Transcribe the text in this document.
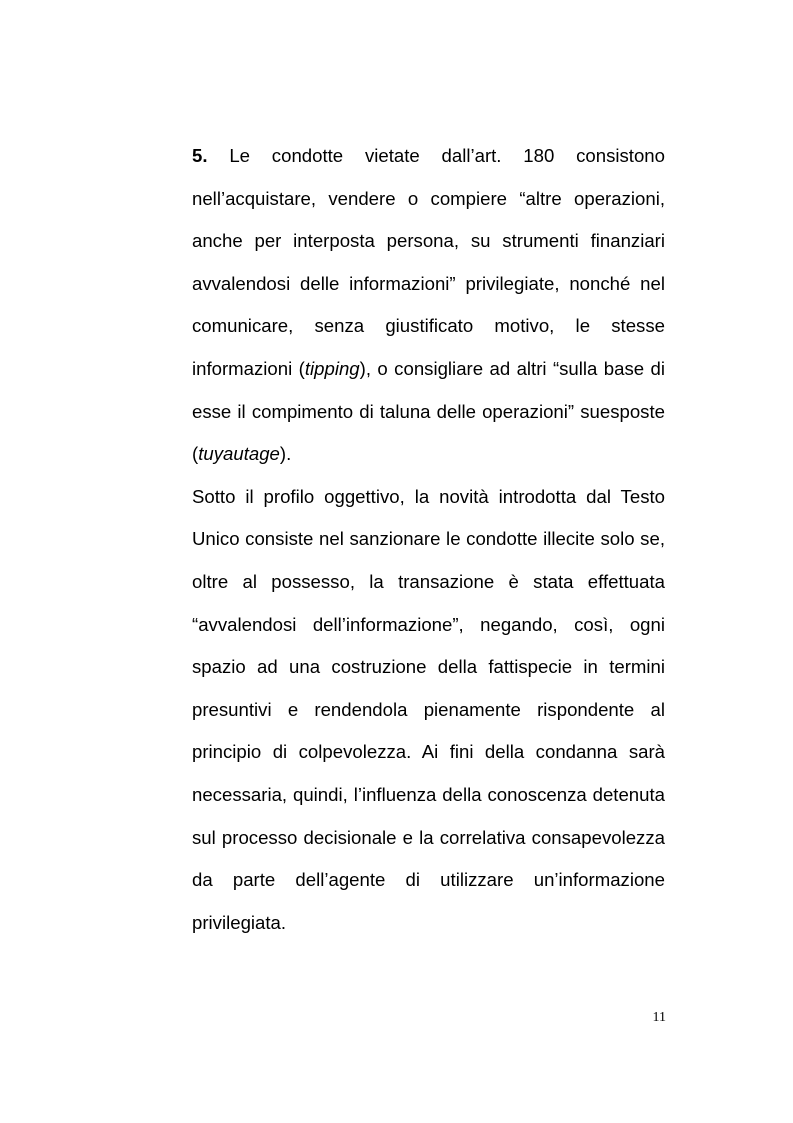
5. Le condotte vietate dall’art. 180 consistono
nell’acquistare, vendere o compiere “altre operazioni,
anche per interposta persona, su strumenti finanziari
avvalendosi delle informazioni” privilegiate, nonché nel
comunicare, senza giustificato motivo, le stesse
informazioni (tipping), o consigliare ad altri “sulla base di
esse il compimento di taluna delle operazioni” suesposte
(tuyautage).
Sotto il profilo oggettivo, la novità introdotta dal Testo
Unico consiste nel sanzionare le condotte illecite solo se,
oltre al possesso, la transazione è stata effettuata
“avvalendosi dell’informazione”, negando, così, ogni
spazio ad una costruzione della fattispecie in termini
presuntivi e rendendola pienamente rispondente al
principio di colpevolezza. Ai fini della condanna sarà
necessaria, quindi, l’influenza della conoscenza detenuta
sul processo decisionale e la correlativa consapevolezza
da parte dell’agente di utilizzare un’informazione
privilegiata.
11
